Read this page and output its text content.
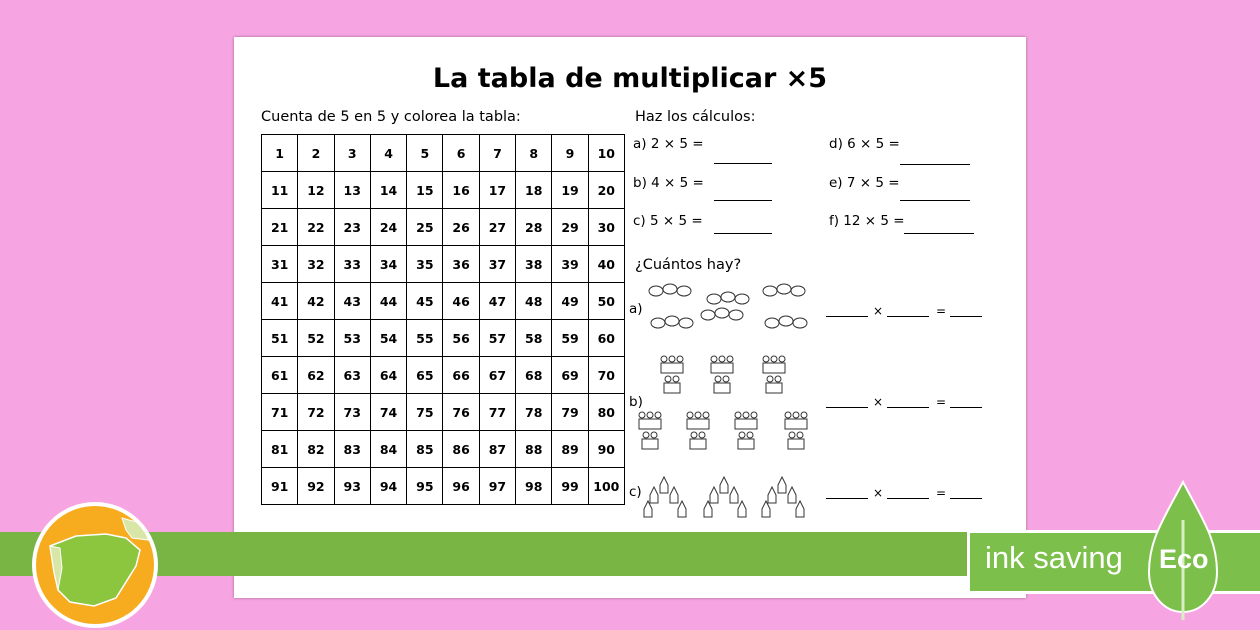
La tabla de multiplicar ×5
Cuenta de 5 en 5 y colorea la tabla:
1	2	3	4	5	6	7	8	9	10
11	12	13	14	15	16	17	18	19	20
21	22	23	24	25	26	27	28	29	30
31	32	33	34	35	36	37	38	39	40
41	42	43	44	45	46	47	48	49	50
51	52	53	54	55	56	57	58	59	60
61	62	63	64	65	66	67	68	69	70
71	72	73	74	75	76	77	78	79	80
81	82	83	84	85	86	87	88	89	90
91	92	93	94	95	96	97	98	99	100
Haz los cálculos:
a) 2 × 5 =
b) 4 × 5 =
c) 5 × 5 =
d) 6 × 5 =
e) 7 × 5 =
f) 12 × 5 =
¿Cuántos hay?
a)	×	=
b)	×	=
c)	×	=
ink saving Eco
